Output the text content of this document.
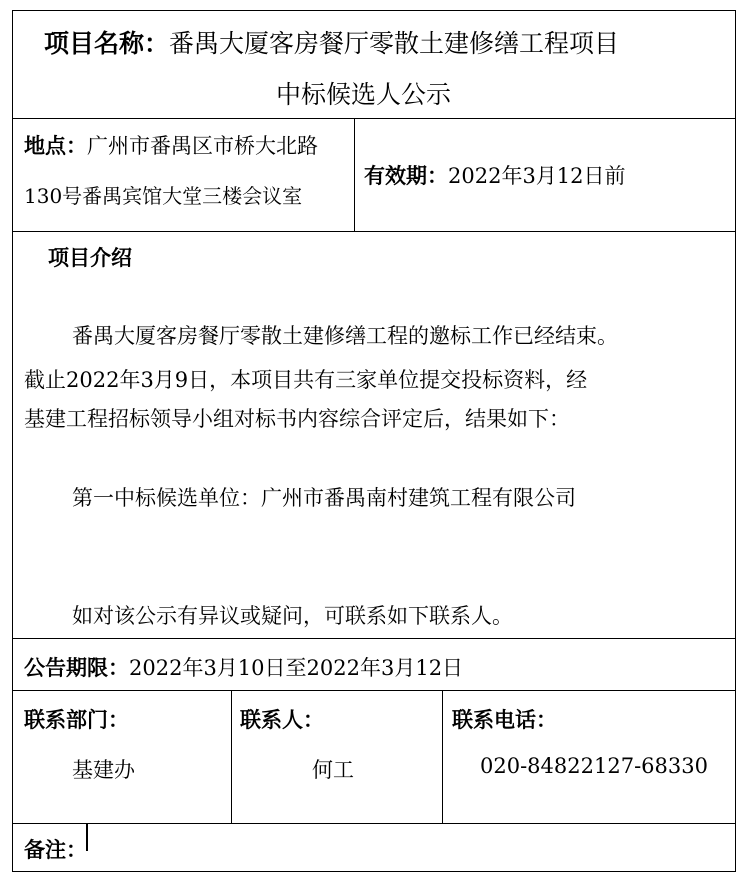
项目名称：番禺大厦客房餐厅零散土建修缮工程项目
中标候选人公示
地点：广州市番禺区市桥大北路
130号番禺宾馆大堂三楼会议室
有效期：2022年3月12日前
项目介绍
番禺大厦客房餐厅零散土建修缮工程的邀标工作已经结束。
截止2022年3月9日，本项目共有三家单位提交投标资料，经
基建工程招标领导小组对标书内容综合评定后，结果如下：
第一中标候选单位：广州市番禺南村建筑工程有限公司
如对该公示有异议或疑问，可联系如下联系人。
公告期限：2022年3月10日至2022年3月12日
联系部门：
基建办
联系人：
何工
联系电话：
020-84822127-68330
备注：
